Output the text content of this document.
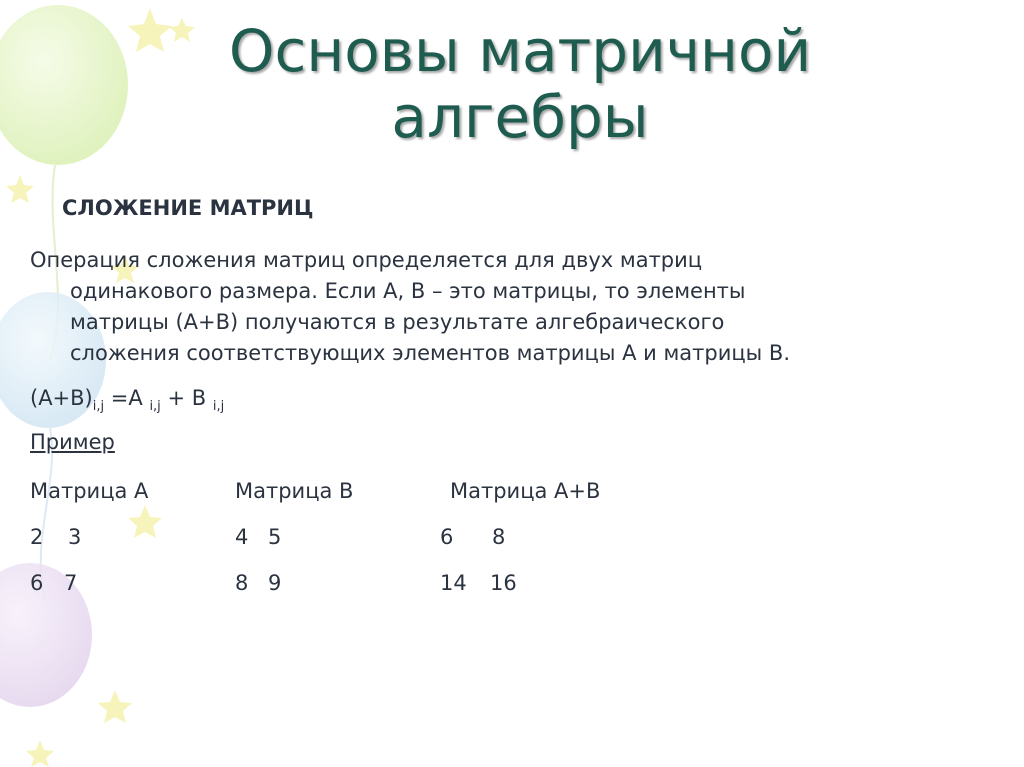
Основы матричной
алгебры
СЛОЖЕНИЕ МАТРИЦ
Операция сложения матриц определяется для двух матриц
одинакового размера. Если А, В – это матрицы, то элементы
матрицы (А+В) получаются в результате алгебраического
сложения соответствующих элементов матрицы А и матрицы В.
$(А+В)_{i,j} =А$ $_{i,j}$ + В $_{i,j}$
Пример
Матрица А	Матрица В	Матрица А+В
2 3
6 7
4 5
8 9
6 8
14 16
